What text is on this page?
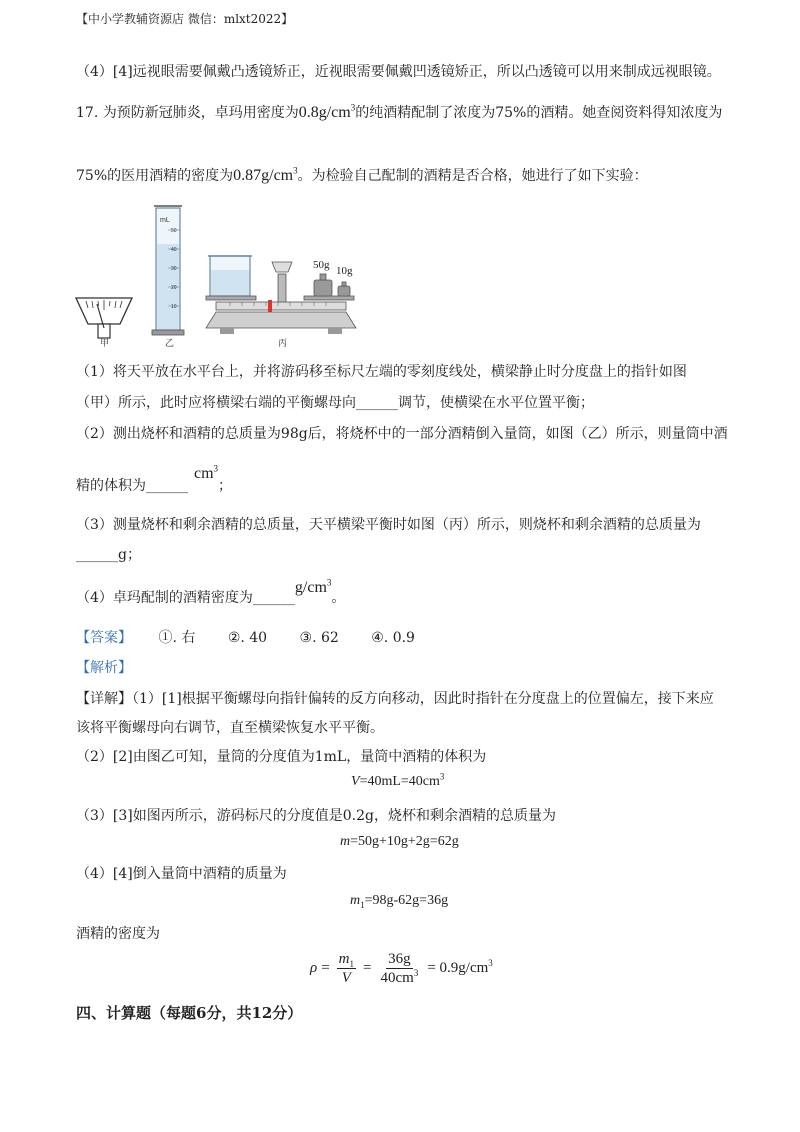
【中小学教辅资源店 微信：mlxt2022】
（4）[4]远视眼需要佩戴凸透镜矫正，近视眼需要佩戴凹透镜矫正，所以凸透镜可以用来制成远视眼镜。
17. 为预防新冠肺炎，卓玛用密度为$0.8g/cm^3$的纯酒精配制了浓度为75%的酒精。她查阅资料得知浓度为
75%的医用酒精的密度为$0.87g/cm^3$。为检验自己配制的酒精是否合格，她进行了如下实验：
甲
mL
50
40
30
20
10
乙
50g 10g
丙
（1）将天平放在水平台上，并将游码移至标尺左端的零刻度线处，横梁静止时分度盘上的指针如图
（甲）所示，此时应将横梁右端的平衡螺母向______调节，使横梁在水平位置平衡；
（2）测出烧杯和酒精的总质量为98g后，将烧杯中的一部分酒精倒入量筒，如图（乙）所示，则量筒中酒
精的体积为$\_\_\_\_\_\_cm^3$；
（3）测量烧杯和剩余酒精的总质量，天平横梁平衡时如图（丙）所示，则烧杯和剩余酒精的总质量为
______g；
（4）卓玛配制的酒精密度为$\_\_\_\_\_\_g/cm^3$。
【答案】 ①. 右 ②. 40 ③. 62 ④. 0.9
【解析】
【详解】（1）[1]根据平衡螺母向指针偏转的反方向移动，因此时指针在分度盘上的位置偏左，接下来应
该将平衡螺母向右调节，直至横梁恢复水平平衡。
（2）[2]由图乙可知，量筒的分度值为1mL，量筒中酒精的体积为
$V=40mL=40cm^3$
（3）[3]如图丙所示，游码标尺的分度值是0.2g，烧杯和剩余酒精的总质量为
m=50g+10g+2g=62g
（4）[4]倒入量筒中酒精的质量为
$m_1=98g-62g=36g$
酒精的密度为
$\rho = \frac{m_1}{V} = \frac{36g}{40cm^3} = 0.9g/cm^3$
四、计算题（每题6分，共12分）
